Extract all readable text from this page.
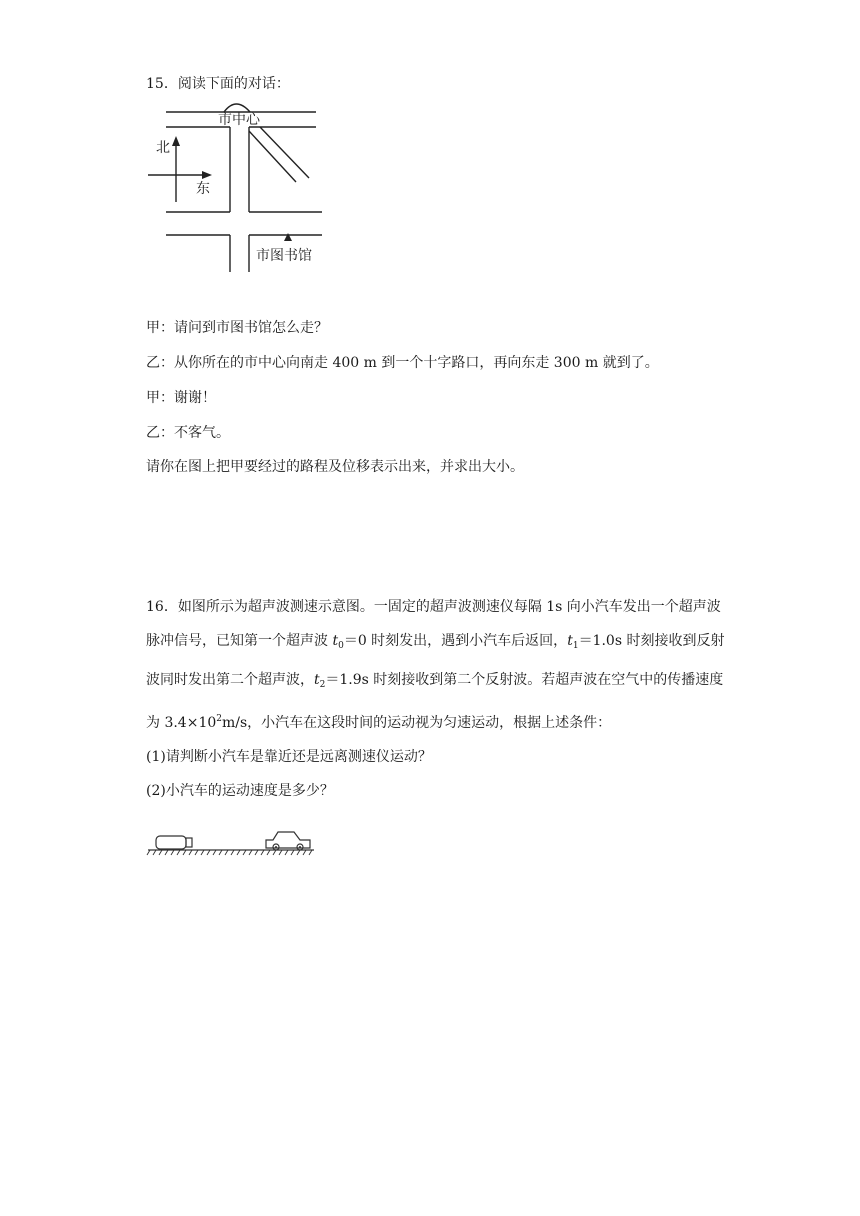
15．阅读下面的对话：
市中心
北
东
市图书馆
甲：请问到市图书馆怎么走？
乙：从你所在的市中心向南走 400 m 到一个十字路口，再向东走 300 m 就到了。
甲：谢谢！
乙：不客气。
请你在图上把甲要经过的路程及位移表示出来，并求出大小。

16．如图所示为超声波测速示意图。一固定的超声波测速仪每隔 1s 向小汽车发出一个超声波脉冲信号，已知第一个超声波 $t_0=0$ 时刻发出，遇到小汽车后返回，$t_1=1.0s$ 时刻接收到反射波同时发出第二个超声波，$t_2=1.9s$ 时刻接收到第二个反射波。若超声波在空气中的传播速度为 $3.4\times 10^2m/s$，小汽车在这段时间的运动视为匀速运动，根据上述条件：

(1)请判断小汽车是靠近还是远离测速仪运动？

(2)小汽车的运动速度是多少？
